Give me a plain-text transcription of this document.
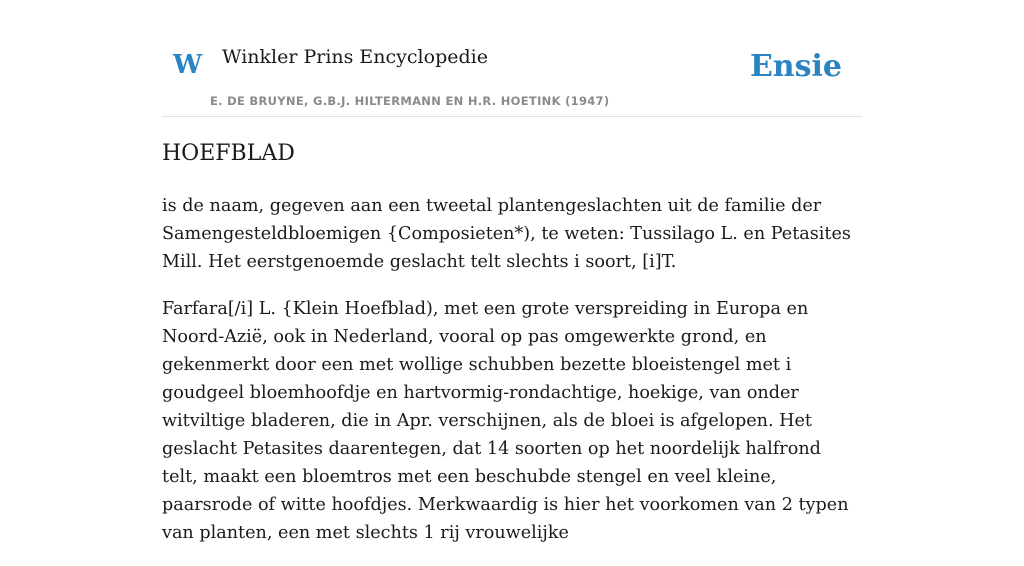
W Winkler Prins Encyclopedie
E. DE BRUYNE, G.B.J. HILTERMANN EN H.R. HOETINK (1947)
Ensie
HOEFBLAD

is de naam, gegeven aan een tweetal plantengeslachten uit de familie der Samengesteldbloemigen {Composieten*), te weten: Tussilago L. en Petasites Mill. Het eerstgenoemde geslacht telt slechts i soort, [i]T.

Farfara[/i] L. {Klein Hoefblad), met een grote verspreiding in Europa en Noord-Azië, ook in Nederland, vooral op pas omgewerkte grond, en gekenmerkt door een met wollige schubben bezette bloeistengel met i goudgeel bloemhoofdje en hartvormig-rondachtige, hoekige, van onder witviltige bladeren, die in Apr. verschijnen, als de bloei is afgelopen. Het geslacht Petasites daarentegen, dat 14 soorten op het noordelijk halfrond telt, maakt een bloemtros met een beschubde stengel en veel kleine, paarsrode of witte hoofdjes. Merkwaardig is hier het voorkomen van 2 typen van planten, een met slechts 1 rij vrouwelijke
